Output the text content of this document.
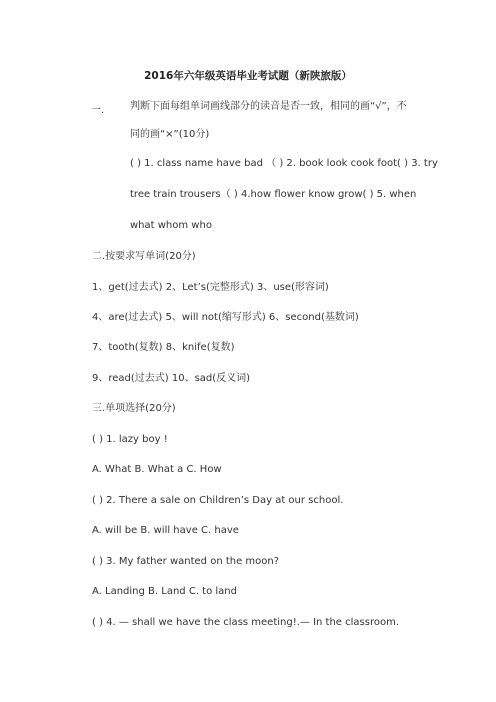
2016年六年级英语毕业考试题（新陕旅版）
一.	判断下面每组单词画线部分的读音是否一致，相同的画“√”，不
同的画“×”(10分)
( ) 1. class name have bad （ ) 2. book look cook foot( ) 3. try
tree train trousers（ ) 4.how flower know grow( ) 5. when
what whom who
二.按要求写单词(20分)
1、get(过去式) 2、Let’s(完整形式) 3、use(形容词)
4、are(过去式) 5、will not(缩写形式) 6、second(基数词)
7、tooth(复数) 8、knife(复数)
9、read(过去式) 10、sad(反义词)
三.单项选择(20分)
( ) 1. lazy boy !
A. What B. What a C. How
( ) 2. There a sale on Children’s Day at our school.
A. will be B. will have C. have
( ) 3. My father wanted on the moon?
A. Landing B. Land C. to land
( ) 4. — shall we have the class meeting!.— In the classroom.
